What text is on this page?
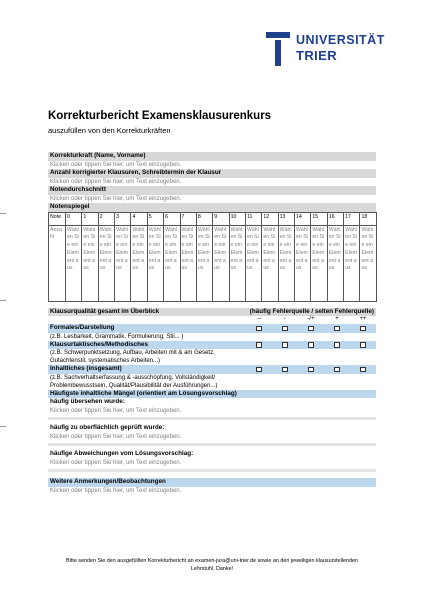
UNIVERSITÄT
TRIER
Korrekturbericht Examensklausurenkurs
auszufüllen von den Korrekturkräften
Korrekturkraft (Name, Vorname)
Klicken oder tippen Sie hier, um Text einzugeben.
Anzahl korrigierter Klausuren, Schreibtermin der Klausur
Klicken oder tippen Sie hier, um Text einzugeben.
Notendurchschnitt
Klicken oder tippen Sie hier, um Text einzugeben.
Notenspiegel
Note	0	1	2	3	4	5	6	7	8	9	10	11	12	13	14	15	16	17	18
Anzahl	Wählen Sie ein Element aus	Wählen Sie ein Element aus	Wählen Sie ein Element aus	Wählen Sie ein Element aus	Wählen Sie ein Element aus	Wählen Sie ein Element aus	Wählen Sie ein Element aus	Wählen Sie ein Element aus	Wählen Sie ein Element aus	Wählen Sie ein Element aus	Wählen Sie ein Element aus	Wählen Sie ein Element aus	Wählen Sie ein Element aus	Wählen Sie ein Element aus	Wählen Sie ein Element aus	Wählen Sie ein Element aus	Wählen Sie ein Element aus	Wählen Sie ein Element aus	Wählen Sie ein Element aus
Klausurqualität gesamt im Überblick	(häufig Fehlerquelle / selten Fehlerquelle)
--	-	-/+	+	++
Formales/Darstellung
(z.B. Lesbarkeit, Grammatik, Formulierung, Stil... )
Klausurtaktisches/Methodisches
(z.B. Schwerpunktsetzung, Aufbau, Arbeiten mit & am Gesetz,
Gutachtenstil, systematisches Arbeiten...)
Inhaltliches (insgesamt)
(z.B. Sachverhaltserfassung & -ausschöpfung, Vollständigkeit/
Problembewusstsein, Qualität/Plausibilität der Ausführungen...)
Häufigste inhaltliche Mängel (orientiert am Lösungsvorschlag)
häufig übersehen wurde:
Klicken oder tippen Sie hier, um Text einzugeben.
häufig zu oberflächlich geprüft wurde:
Klicken oder tippen Sie hier, um Text einzugeben.
häufige Abweichungen vom Lösungsvorschlag:
Klicken oder tippen Sie hier, um Text einzugeben.
Weitere Anmerkungen/Beobachtungen
Klicken oder tippen Sie hier, um Text einzugeben.
Bitte senden Sie den ausgefüllten Korrekturbericht an examen-jura@uni-trier.de sowie an den jeweiligen klausurstellenden
Lehrstuhl. Danke!
